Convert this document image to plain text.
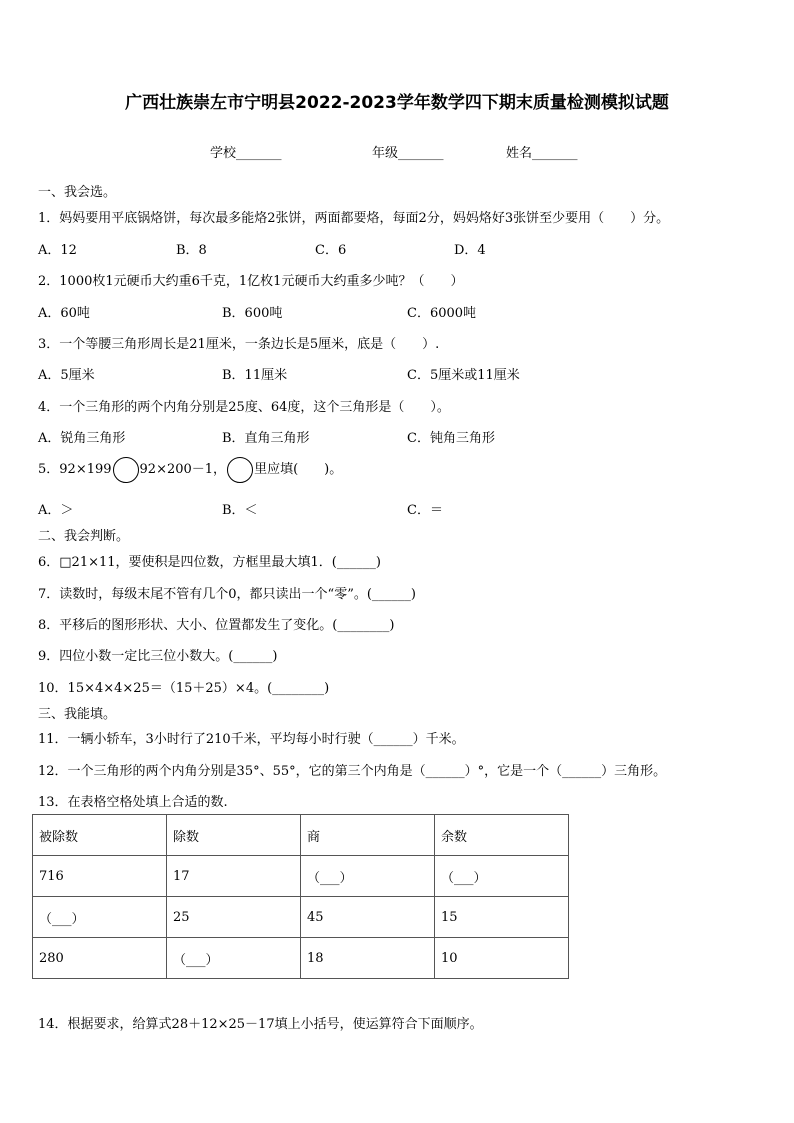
广西壮族崇左市宁明县2022-2023学年数学四下期末质量检测模拟试题
学校_______	年级_______	姓名_______
一、我会选。
1．妈妈要用平底锅烙饼，每次最多能烙2张饼，两面都要烙，每面2分，妈妈烙好3张饼至少要用（　　）分。
A．12	B．8	C．6	D．4
2．1000枚1元硬币大约重6千克，1亿枚1元硬币大约重多少吨？（　　）
A．60吨	B．600吨	C．6000吨
3．一个等腰三角形周长是21厘米，一条边长是5厘米，底是（　　）.
A．5厘米	B．11厘米	C．5厘米或11厘米
4．一个三角形的两个内角分别是25度、64度，这个三角形是（　　）。
A．锐角三角形	B．直角三角形	C．钝角三角形
5．92×199 92×200－1， 里应填(　　)。
A．＞	B．＜	C．＝
二、我会判断。
6．□21×11，要使积是四位数，方框里最大填1．(______)
7．读数时，每级末尾不管有几个0，都只读出一个“零”。(______)
8．平移后的图形形状、大小、位置都发生了变化。(________)
9．四位小数一定比三位小数大。(______)
10．15×4×4×25＝（15＋25）×4。(________)
三、我能填。
11．一辆小轿车，3小时行了210千米，平均每小时行驶（______）千米。
12．一个三角形的两个内角分别是35°、55°，它的第三个内角是（______）°，它是一个（______）三角形。
13．在表格空格处填上合适的数.
被除数	除数	商	余数
716	17	（___）	（___）
（___）	25	45	15
280	（___）	18	10
14．根据要求，给算式28＋12×25－17填上小括号，使运算符合下面顺序。
